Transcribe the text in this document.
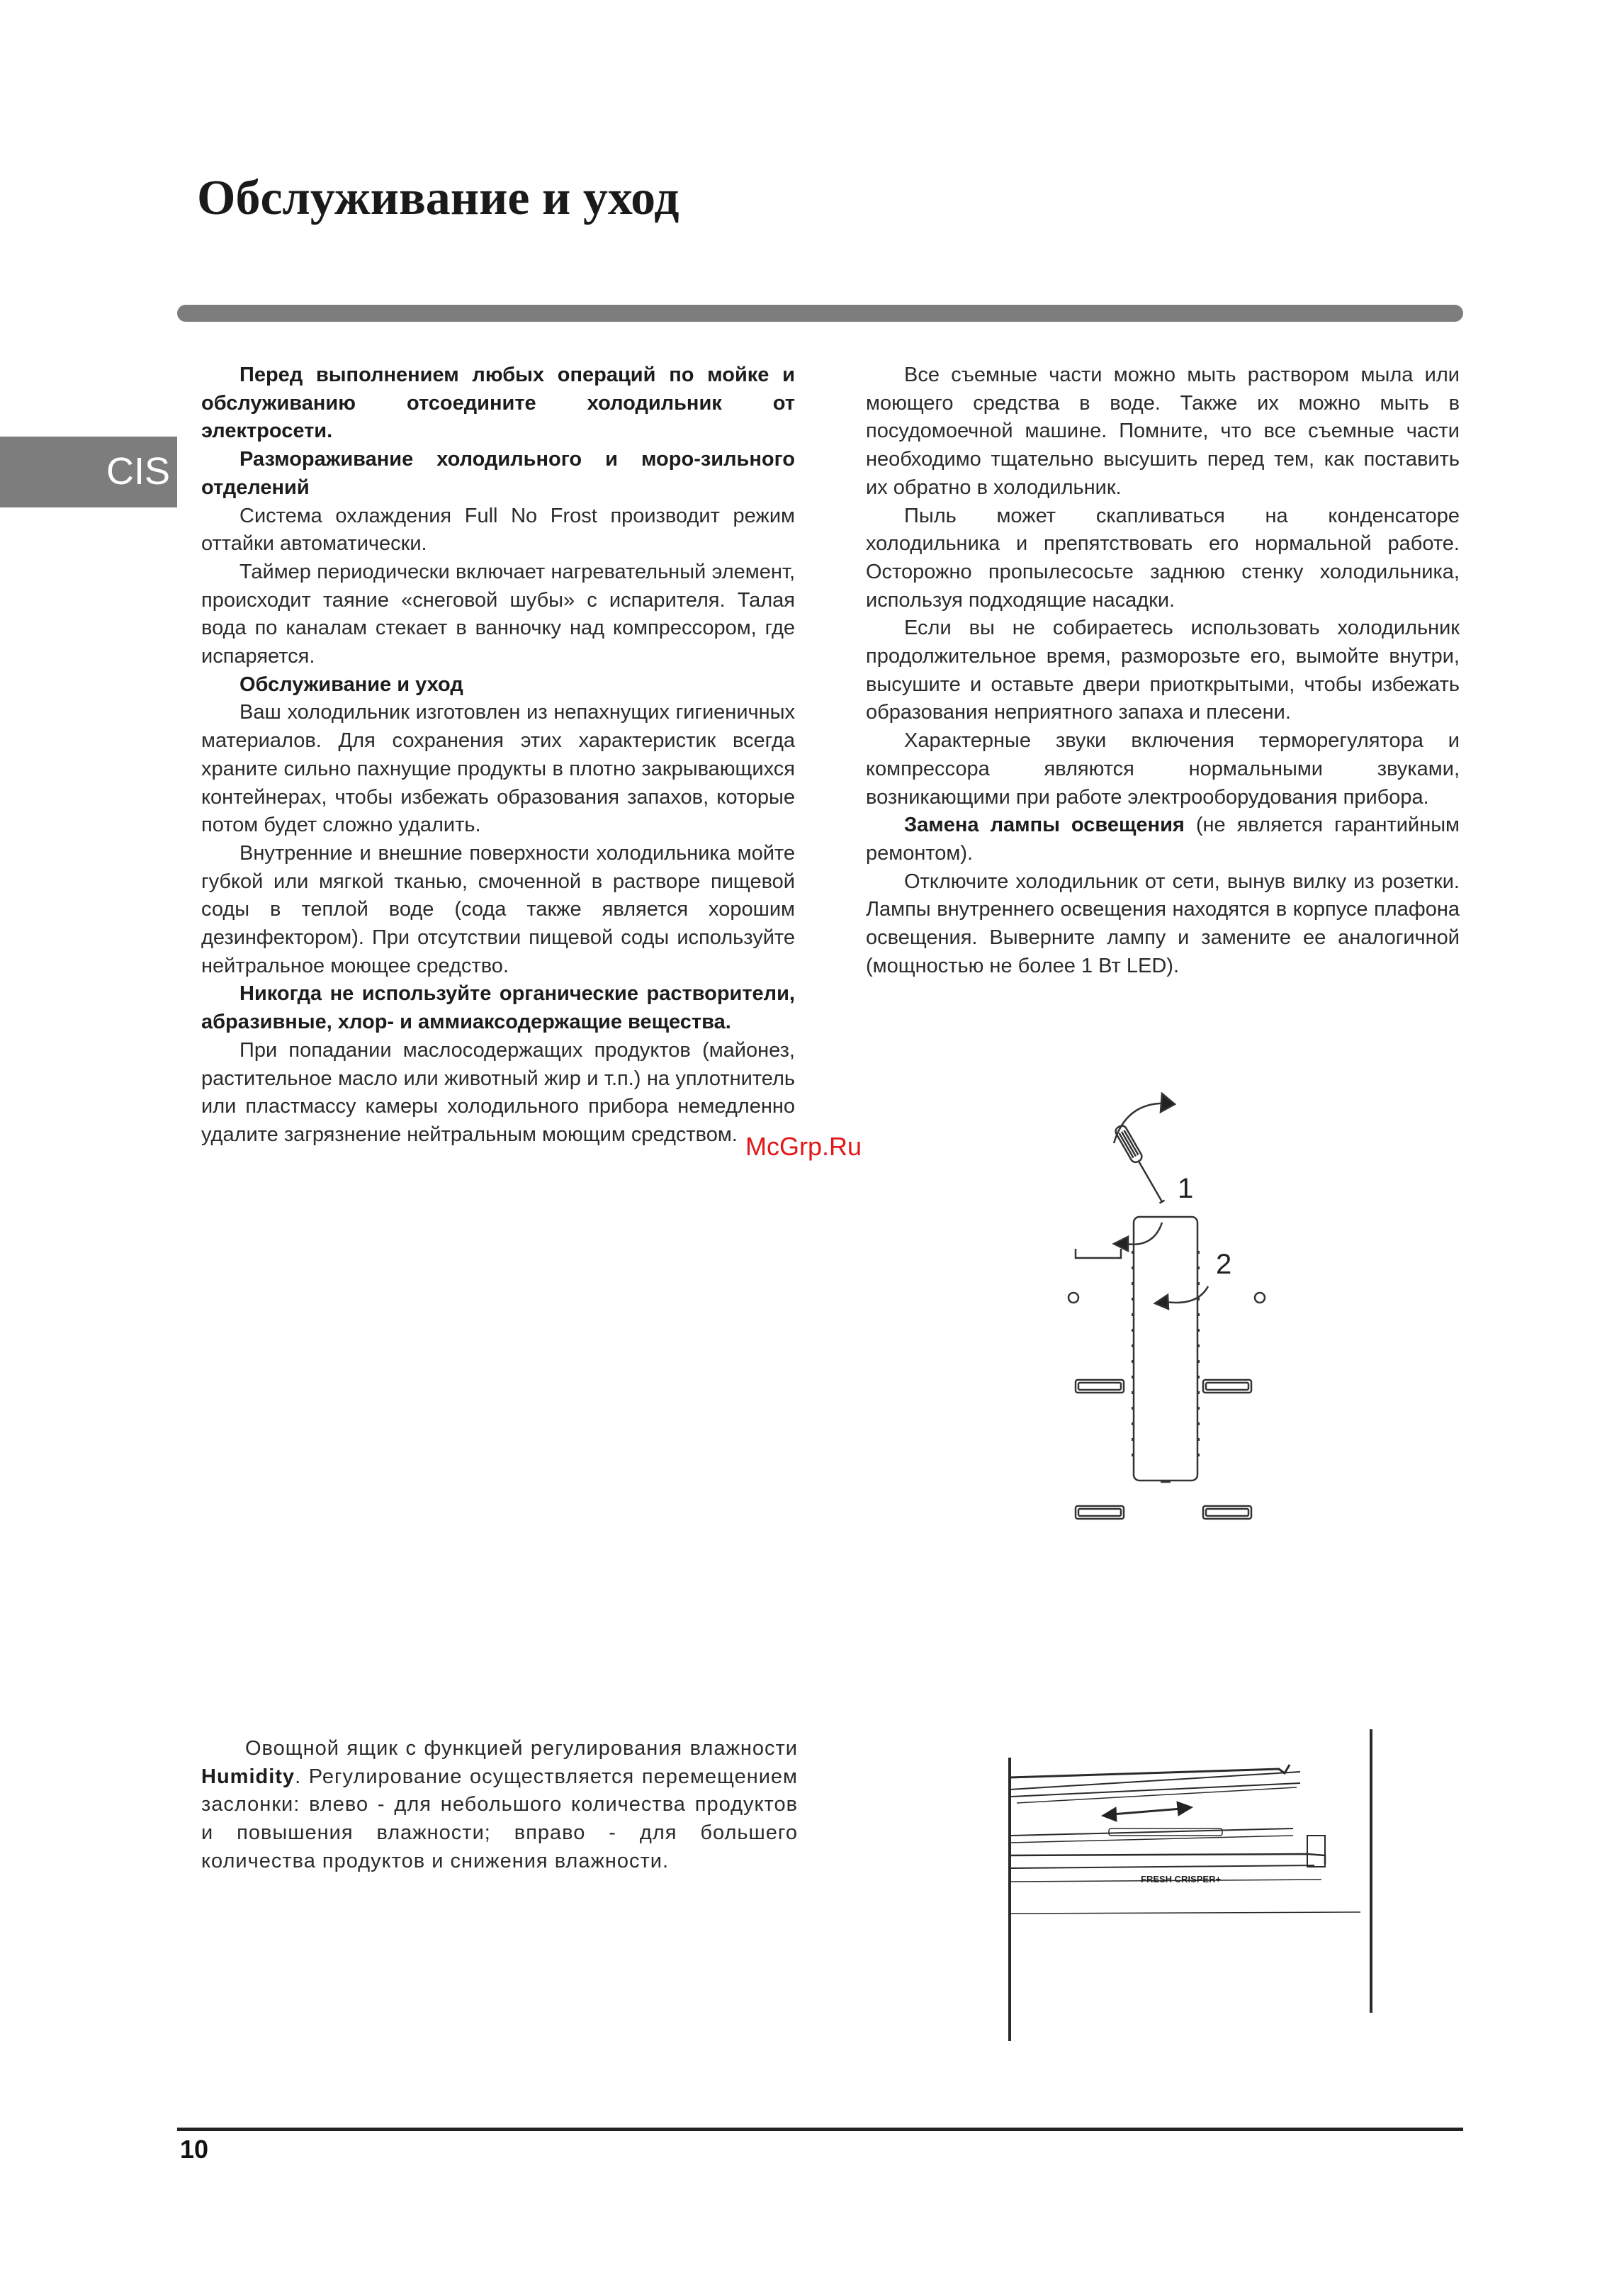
Обслуживание и уход
CIS

Перед выполнением любых операций по мойке и обслуживанию отсоедините холодильник от электросети.

Размораживание холодильного и моро-зильного отделений

Система охлаждения Full No Frost производит режим оттайки автоматически.

Таймер периодически включает нагревательный элемент, происходит таяние «снеговой шубы» с испарителя. Талая вода по каналам стекает в ванночку над компрессором, где испаряется.

Обслуживание и уход

Ваш холодильник изготовлен из непахнущих гигиеничных материалов. Для сохранения этих характеристик всегда храните сильно пахнущие продукты в плотно закрывающихся контейнерах, чтобы избежать образования запахов, которые потом будет сложно удалить.

Внутренние и внешние поверхности холодильника мойте губкой или мягкой тканью, смоченной в растворе пищевой соды в теплой воде (сода также является хорошим дезинфектором). При отсутствии пищевой соды используйте нейтральное моющее средство.

Никогда не используйте органические растворители, абразивные, хлор- и аммиаксодержащие вещества.

При попадании маслосодержащих продуктов (майонез, растительное масло или животный жир и т.п.) на уплотнитель или пластмассу камеры холодильного прибора немедленно удалите загрязнение нейтральным моющим средством.

Все съемные части можно мыть раствором мыла или моющего средства в воде. Также их можно мыть в посудомоечной машине. Помните, что все съемные части необходимо тщательно высушить перед тем, как поставить их обратно в холодильник.

Пыль может скапливаться на конденсаторе холодильника и препятствовать его нормальной работе. Осторожно пропылесосьте заднюю стенку холодильника, используя подходящие насадки.

Если вы не собираетесь использовать холодильник продолжительное время, разморозьте его, вымойте внутри, высушите и оставьте двери приоткрытыми, чтобы избежать образования неприятного запаха и плесени.

Характерные звуки включения терморегулятора и компрессора являются нормальными звуками, возникающими при работе электрооборудования прибора.

Замена лампы освещения (не является гарантийным ремонтом).

Отключите холодильник от сети, вынув вилку из розетки. Лампы внутреннего освещения находятся в корпусе плафона освещения. Выверните лампу и замените ее аналогичной (мощностью не более 1 Вт LED).

McGrp.Ru
1
2

Овощной ящик с функцией регулирования влажности Humidity. Регулирование осуществляется перемещением заслонки: влево - для небольшого количества продуктов и повышения влажности; вправо - для большего количества продуктов и снижения влажности.

FRESH CRISPER+
10
